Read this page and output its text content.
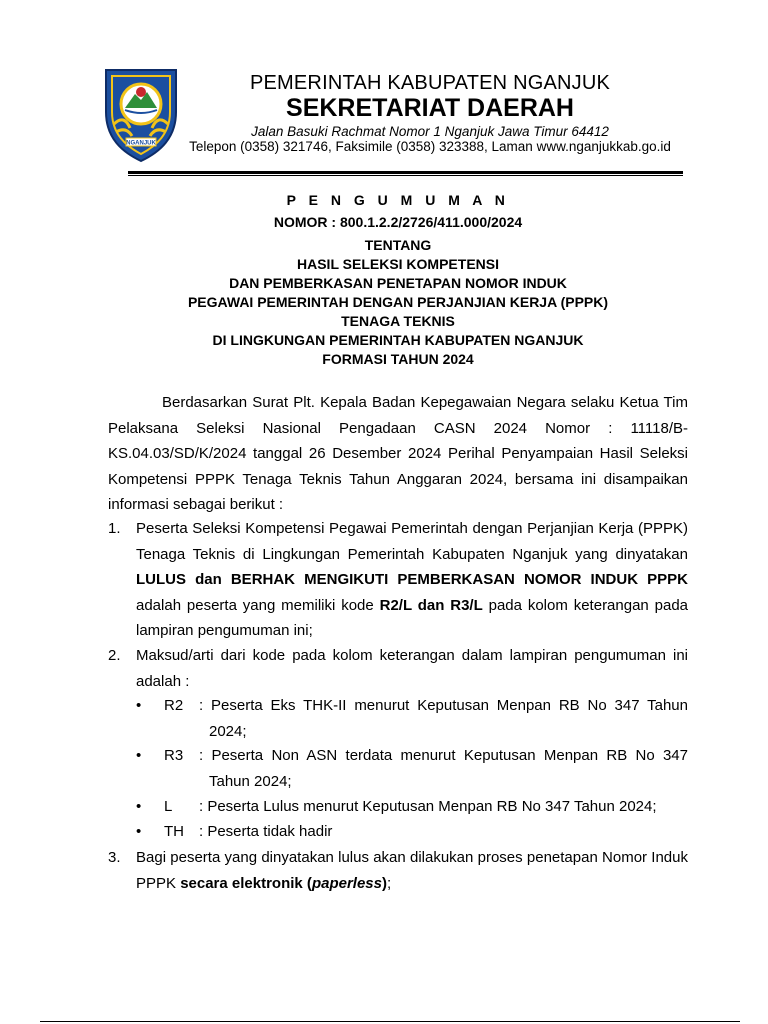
NGANJUK
PEMERINTAH KABUPATEN NGANJUK
SEKRETARIAT DAERAH
Jalan Basuki Rachmat Nomor 1 Nganjuk Jawa Timur 64412
Telepon (0358) 321746, Faksimile (0358) 323388, Laman www.nganjukkab.go.id
P E N G U M U M A N
NOMOR : 800.1.2.2/2726/411.000/2024
TENTANG
HASIL SELEKSI KOMPETENSI
DAN PEMBERKASAN PENETAPAN NOMOR INDUK
PEGAWAI PEMERINTAH DENGAN PERJANJIAN KERJA (PPPK)
TENAGA TEKNIS
DI LINGKUNGAN PEMERINTAH KABUPATEN NGANJUK
FORMASI TAHUN 2024
Berdasarkan Surat Plt. Kepala Badan Kepegawaian Negara selaku Ketua Tim Pelaksana Seleksi Nasional Pengadaan CASN 2024 Nomor : 11118/B-KS.04.03/SD/K/2024 tanggal 26 Desember 2024 Perihal Penyampaian Hasil Seleksi Kompetensi PPPK Tenaga Teknis Tahun Anggaran 2024, bersama ini disampaikan informasi sebagai berikut :
1. Peserta Seleksi Kompetensi Pegawai Pemerintah dengan Perjanjian Kerja (PPPK) Tenaga Teknis di Lingkungan Pemerintah Kabupaten Nganjuk yang dinyatakan LULUS dan BERHAK MENGIKUTI PEMBERKASAN NOMOR INDUK PPPK adalah peserta yang memiliki kode R2/L dan R3/L pada kolom keterangan pada lampiran pengumuman ini;
2. Maksud/arti dari kode pada kolom keterangan dalam lampiran pengumuman ini adalah :
• R2 : Peserta Eks THK-II menurut Keputusan Menpan RB No 347 Tahun 2024;
• R3 : Peserta Non ASN terdata menurut Keputusan Menpan RB No 347 Tahun 2024;
• L : Peserta Lulus menurut Keputusan Menpan RB No 347 Tahun 2024;
• TH : Peserta tidak hadir
3. Bagi peserta yang dinyatakan lulus akan dilakukan proses penetapan Nomor Induk PPPK secara elektronik (paperless);
